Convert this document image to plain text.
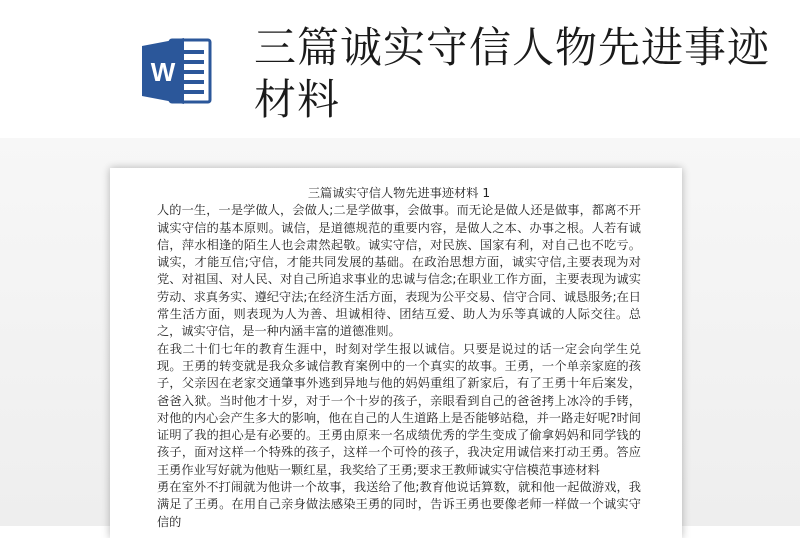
W 三篇诚实守信人物先进事迹材料

三篇诚实守信人物先进事迹材料 1

人的一生，一是学做人，会做人;二是学做事，会做事。而无论是做人还是做事，都离不开诚实守信的基本原则。诚信，是道德规范的重要内容，是做人之本、办事之根。人若有诚信，萍水相逢的陌生人也会肃然起敬。诚实守信，对民族、国家有利，对自己也不吃亏。诚实，才能互信;守信，才能共同发展的基础。在政治思想方面，诚实守信,主要表现为对党、对祖国、对人民、对自己所追求事业的忠诚与信念;在职业工作方面，主要表现为诚实劳动、求真务实、遵纪守法;在经济生活方面，表现为公平交易、信守合同、诚恳服务;在日常生活方面，则表现为人为善、坦诚相待、团结互爱、助人为乐等真诚的人际交往。总之，诚实守信，是一种内涵丰富的道德准则。

在我二十们七年的教育生涯中，时刻对学生报以诚信。只要是说过的话一定会向学生兑现。王勇的转变就是我众多诚信教育案例中的一个真实的故事。王勇，一个单亲家庭的孩子，父亲因在老家交通肇事外逃到异地与他的妈妈重组了新家后，有了王勇十年后案发，爸爸入狱。当时他才十岁，对于一个十岁的孩子，亲眼看到自己的爸爸拷上冰冷的手铐，对他的内心会产生多大的影响，他在自己的人生道路上是否能够站稳，并一路走好呢?时间证明了我的担心是有必要的。王勇由原来一名成绩优秀的学生变成了偷拿妈妈和同学钱的孩子，面对这样一个特殊的孩子，这样一个可怜的孩子，我决定用诚信来打动王勇。答应王勇作业写好就为他贴一颗红星，我奖给了王勇;要求王教师诚实守信模范事迹材料

勇在室外不打闹就为他讲一个故事，我送给了他;教育他说话算数，就和他一起做游戏，我满足了王勇。在用自己亲身做法感染王勇的同时，告诉王勇也要像老师一样做一个诚实守信的
